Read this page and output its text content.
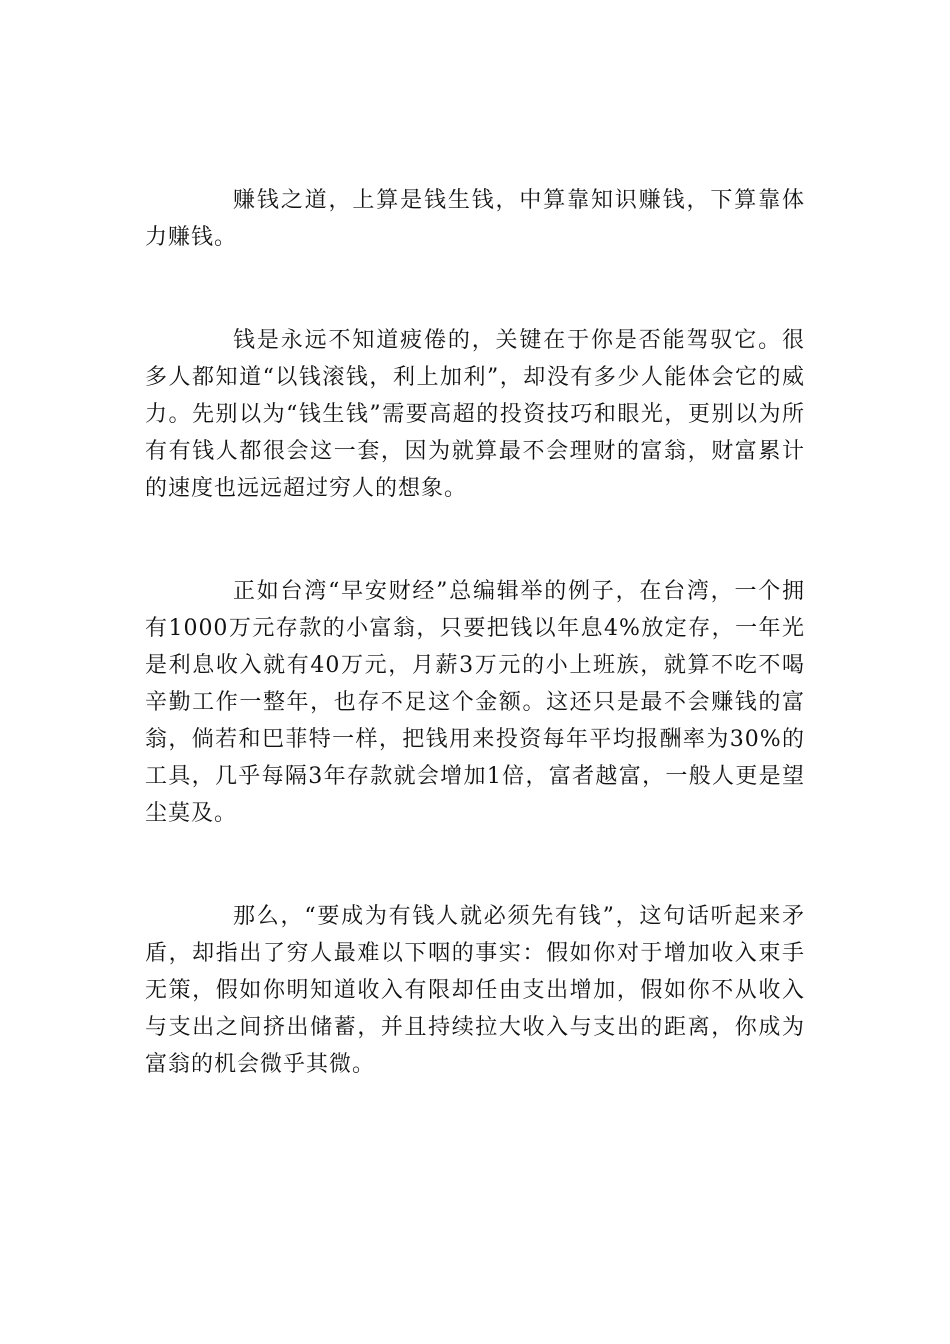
赚钱之道，上算是钱生钱，中算靠知识赚钱，下算靠体力赚钱。

钱是永远不知道疲倦的，关键在于你是否能驾驭它。很多人都知道“以钱滚钱，利上加利”，却没有多少人能体会它的威力。先别以为“钱生钱”需要高超的投资技巧和眼光，更别以为所有有钱人都很会这一套，因为就算最不会理财的富翁，财富累计的速度也远远超过穷人的想象。

正如台湾“早安财经”总编辑举的例子，在台湾，一个拥有1000万元存款的小富翁，只要把钱以年息4%放定存，一年光是利息收入就有40万元，月薪3万元的小上班族，就算不吃不喝辛勤工作一整年，也存不足这个金额。这还只是最不会赚钱的富翁，倘若和巴菲特一样，把钱用来投资每年平均报酬率为30%的工具，几乎每隔3年存款就会增加1倍，富者越富，一般人更是望尘莫及。

那么，“要成为有钱人就必须先有钱”，这句话听起来矛盾，却指出了穷人最难以下咽的事实：假如你对于增加收入束手无策，假如你明知道收入有限却任由支出增加，假如你不从收入与支出之间挤出储蓄，并且持续拉大收入与支出的距离，你成为富翁的机会微乎其微。
